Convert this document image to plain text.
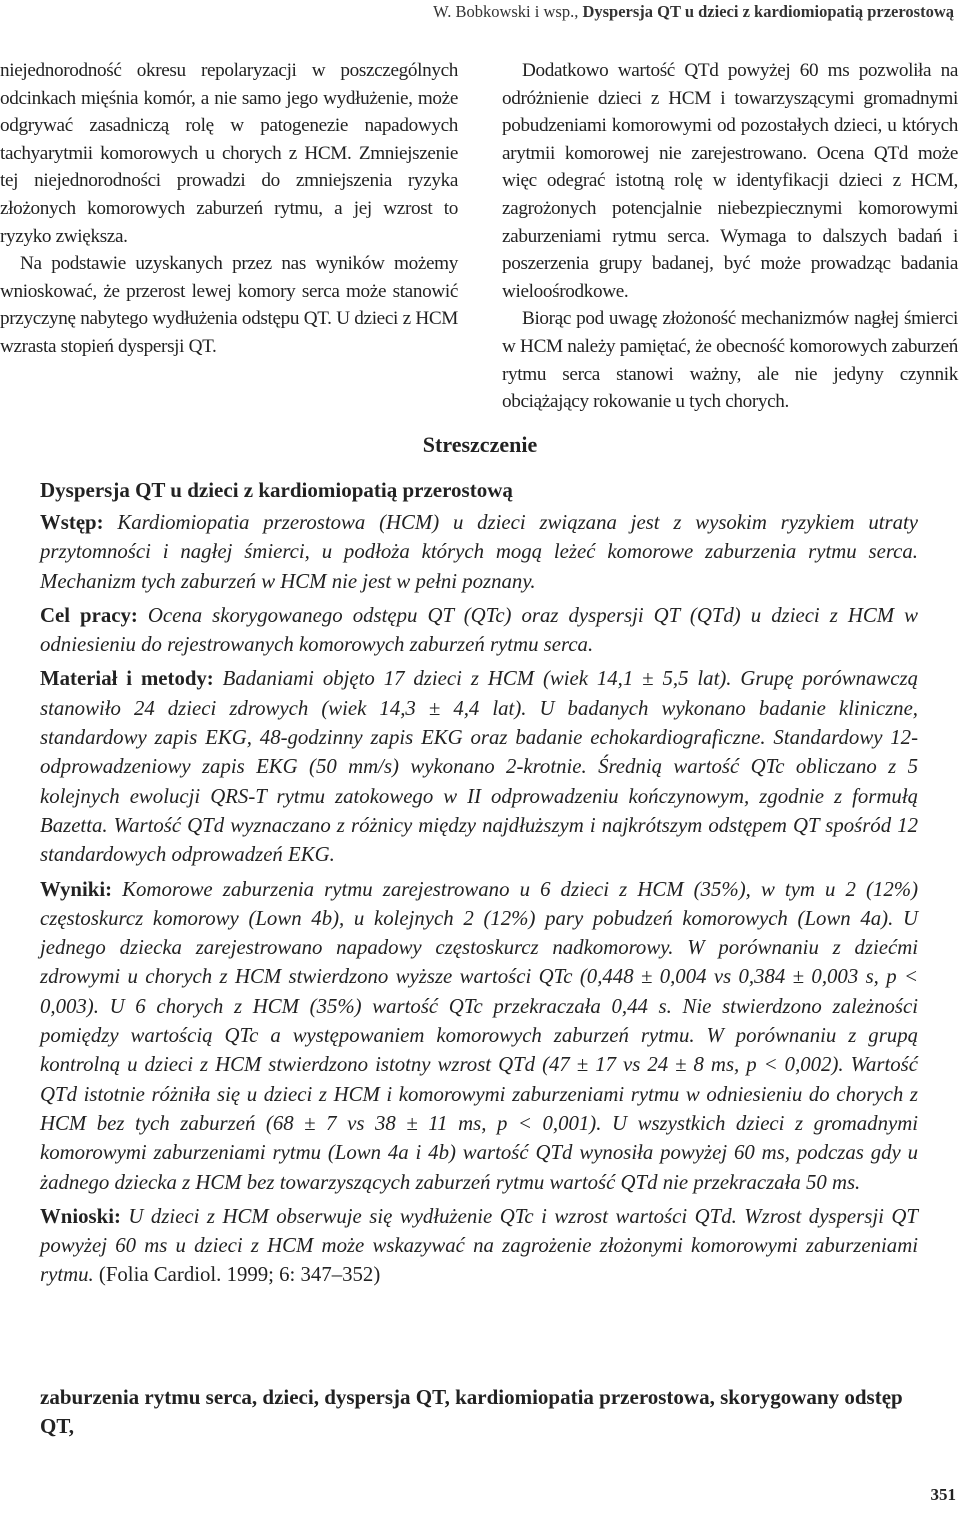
W. Bobkowski i wsp., Dyspersja QT u dzieci z kardiomiopatią przerostową

niejednorodność okresu repolaryzacji w poszczególnych odcinkach mięśnia komór, a nie samo jego wydłużenie, może odgrywać zasadniczą rolę w patogenezie napadowych tachyarytmii komorowych u chorych z HCM. Zmniejszenie tej niejednorodności prowadzi do zmniejszenia ryzyka złożonych komorowych zaburzeń rytmu, a jej wzrost to ryzyko zwiększa.

Na podstawie uzyskanych przez nas wyników możemy wnioskować, że przerost lewej komory serca może stanowić przyczynę nabytego wydłużenia odstępu QT. U dzieci z HCM wzrasta stopień dyspersji QT.

Dodatkowo wartość QTd powyżej 60 ms pozwoliła na odróżnienie dzieci z HCM i towarzyszącymi gromadnymi pobudzeniami komorowymi od pozostałych dzieci, u których arytmii komorowej nie zarejestrowano. Ocena QTd może więc odegrać istotną rolę w identyfikacji dzieci z HCM, zagrożonych potencjalnie niebezpiecznymi komorowymi zaburzeniami rytmu serca. Wymaga to dalszych badań i poszerzenia grupy badanej, być może prowadząc badania wieloośrodkowe.

Biorąc pod uwagę złożoność mechanizmów nagłej śmierci w HCM należy pamiętać, że obecność komorowych zaburzeń rytmu serca stanowi ważny, ale nie jedyny czynnik obciążający rokowanie u tych chorych.

Streszczenie
Dyspersja QT u dzieci z kardiomiopatią przerostową

Wstęp: Kardiomiopatia przerostowa (HCM) u dzieci związana jest z wysokim ryzykiem utraty przytomności i nagłej śmierci, u podłoża których mogą leżeć komorowe zaburzenia rytmu serca. Mechanizm tych zaburzeń w HCM nie jest w pełni poznany.

Cel pracy: Ocena skorygowanego odstępu QT (QTc) oraz dyspersji QT (QTd) u dzieci z HCM w odniesieniu do rejestrowanych komorowych zaburzeń rytmu serca.

Materiał i metody: Badaniami objęto 17 dzieci z HCM (wiek 14,1 ± 5,5 lat). Grupę porównawczą stanowiło 24 dzieci zdrowych (wiek 14,3 ± 4,4 lat). U badanych wykonano badanie kliniczne, standardowy zapis EKG, 48-godzinny zapis EKG oraz badanie echokardiograficzne. Standardowy 12-odprowadzeniowy zapis EKG (50 mm/s) wykonano 2-krotnie. Średnią wartość QTc obliczano z 5 kolejnych ewolucji QRS-T rytmu zatokowego w II odprowadzeniu kończynowym, zgodnie z formułą Bazetta. Wartość QTd wyznaczano z różnicy między najdłuższym i najkrótszym odstępem QT spośród 12 standardowych odprowadzeń EKG.

Wyniki: Komorowe zaburzenia rytmu zarejestrowano u 6 dzieci z HCM (35%), w tym u 2 (12%) częstoskurcz komorowy (Lown 4b), u kolejnych 2 (12%) pary pobudzeń komorowych (Lown 4a). U jednego dziecka zarejestrowano napadowy częstoskurcz nadkomorowy. W porównaniu z dziećmi zdrowymi u chorych z HCM stwierdzono wyższe wartości QTc (0,448 ± 0,004 vs 0,384 ± 0,003 s, p < 0,003). U 6 chorych z HCM (35%) wartość QTc przekraczała 0,44 s. Nie stwierdzono zależności pomiędzy wartością QTc a występowaniem komorowych zaburzeń rytmu. W porównaniu z grupą kontrolną u dzieci z HCM stwierdzono istotny wzrost QTd (47 ± 17 vs 24 ± 8 ms, p < 0,002). Wartość QTd istotnie różniła się u dzieci z HCM i komorowymi zaburzeniami rytmu w odniesieniu do chorych z HCM bez tych zaburzeń (68 ± 7 vs 38 ± 11 ms, p < 0,001). U wszystkich dzieci z gromadnymi komorowymi zaburzeniami rytmu (Lown 4a i 4b) wartość QTd wynosiła powyżej 60 ms, podczas gdy u żadnego dziecka z HCM bez towarzyszących zaburzeń rytmu wartość QTd nie przekraczała 50 ms.

Wnioski: U dzieci z HCM obserwuje się wydłużenie QTc i wzrost wartości QTd. Wzrost dyspersji QT powyżej 60 ms u dzieci z HCM może wskazywać na zagrożenie złożonymi komorowymi zaburzeniami rytmu. (Folia Cardiol. 1999; 6: 347–352)

zaburzenia rytmu serca, dzieci, dyspersja QT, kardiomiopatia przerostowa, skorygowany odstęp QT,
351
